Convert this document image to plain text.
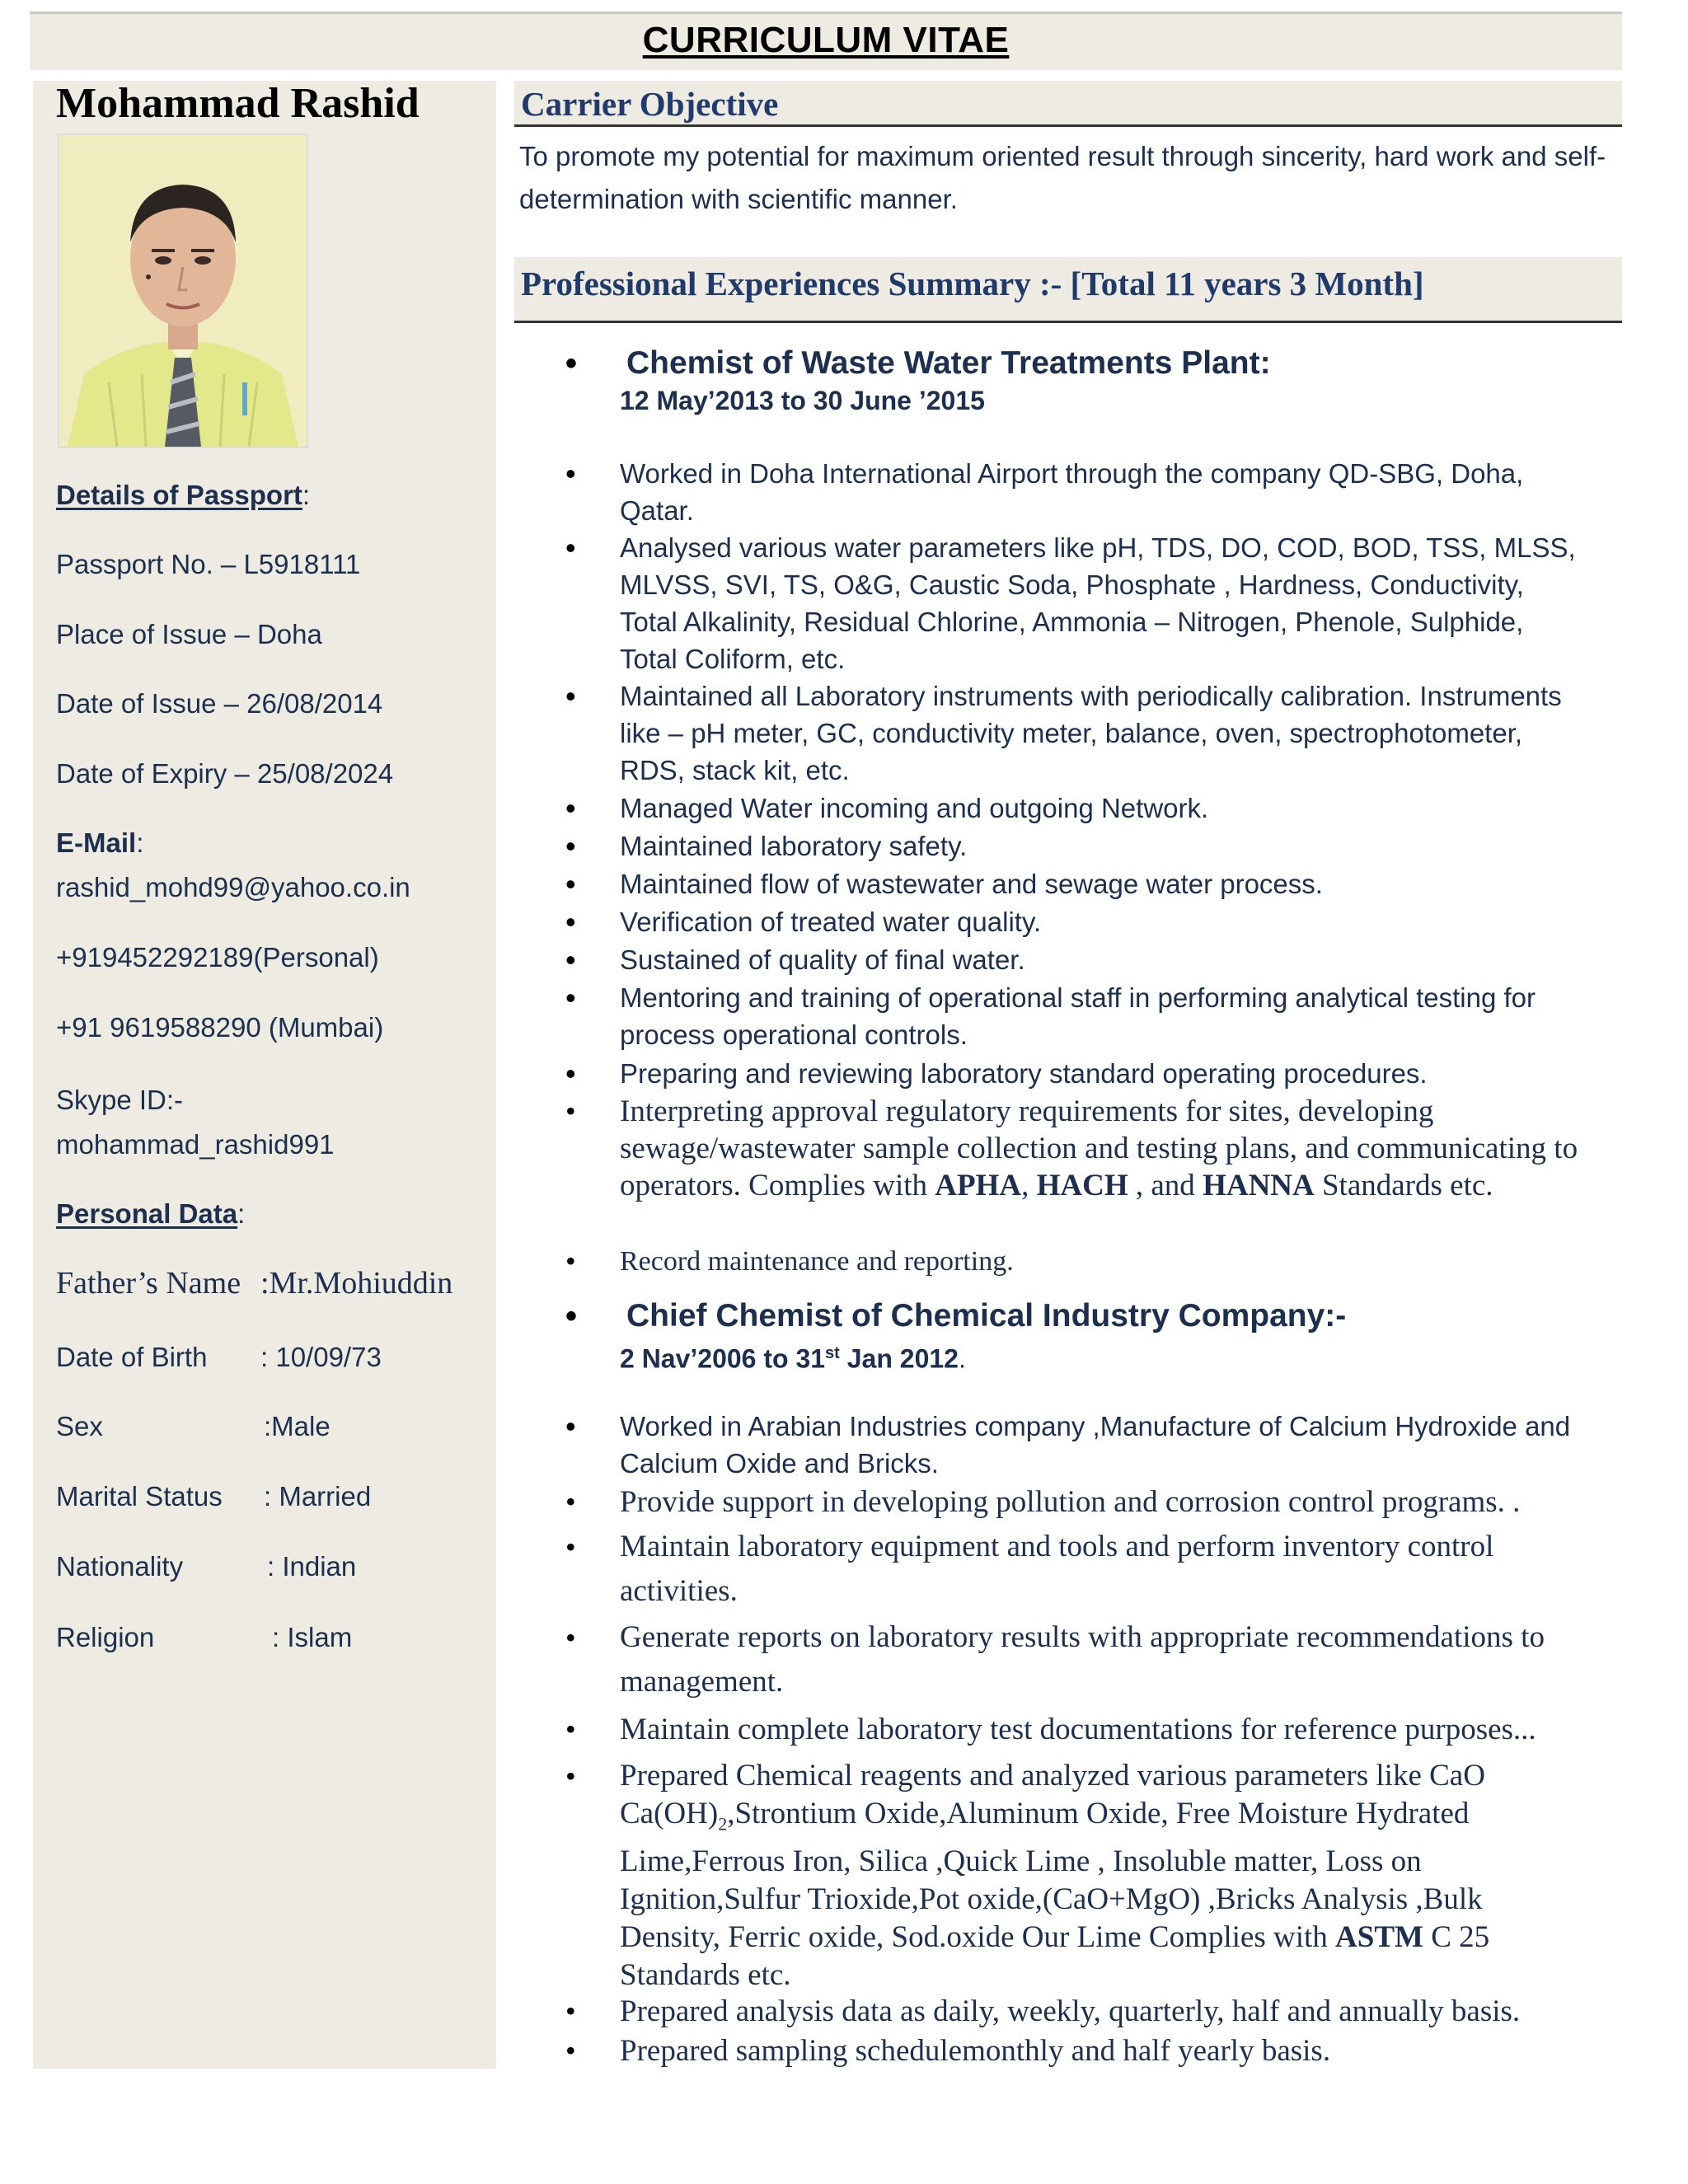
CURRICULUM VITAE
Mohammad Rashid
Details of Passport:
Passport No. – L5918111
Place of Issue – Doha
Date of Issue – 26/08/2014
Date of Expiry – 25/08/2024
E-Mail:
rashid_mohd99@yahoo.co.in
+919452292189(Personal)
+91 9619588290 (Mumbai)
Skype ID:-
mohammad_rashid991
Personal Data:
Father’s Name :Mr.Mohiuddin
Date of Birth : 10/09/73
Sex	:Male
Marital Status : Married
Nationality	: Indian
Religion	: Islam
Carrier Objective
To promote my potential for maximum oriented result through sincerity, hard work and self-determination with scientific manner.
Professional Experiences Summary :- [Total 11 years 3 Month]
• Chemist of Waste Water Treatments Plant:
12 May’2013 to 30 June ’2015
• Worked in Doha International Airport through the company QD-SBG, Doha, Qatar.
• Analysed various water parameters like pH, TDS, DO, COD, BOD, TSS, MLSS, MLVSS, SVI, TS, O&G, Caustic Soda, Phosphate , Hardness, Conductivity, Total Alkalinity, Residual Chlorine, Ammonia – Nitrogen, Phenole, Sulphide, Total Coliform, etc.
• Maintained all Laboratory instruments with periodically calibration. Instruments like – pH meter, GC, conductivity meter, balance, oven, spectrophotometer, RDS, stack kit, etc.
• Managed Water incoming and outgoing Network.
• Maintained laboratory safety.
• Maintained flow of wastewater and sewage water process.
• Verification of treated water quality.
• Sustained of quality of final water.
• Mentoring and training of operational staff in performing analytical testing for process operational controls.
• Preparing and reviewing laboratory standard operating procedures.
• Interpreting approval regulatory requirements for sites, developing sewage/wastewater sample collection and testing plans, and communicating to operators. Complies with APHA, HACH , and HANNA Standards etc.
• Record maintenance and reporting.
• Chief Chemist of Chemical Industry Company:-
2 Nav’2006 to 31st Jan 2012.
• Worked in Arabian Industries company ,Manufacture of Calcium Hydroxide and Calcium Oxide and Bricks.
• Provide support in developing pollution and corrosion control programs. .
• Maintain laboratory equipment and tools and perform inventory control activities.
• Generate reports on laboratory results with appropriate recommendations to management.
• Maintain complete laboratory test documentations for reference purposes...
• Prepared Chemical reagents and analyzed various parameters like CaO $Ca(OH)_2,Strontium$ Oxide,Aluminum Oxide, Free Moisture Hydrated Lime,Ferrous Iron, Silica ,Quick Lime , Insoluble matter, Loss on Ignition,Sulfur Trioxide,Pot oxide,(CaO+MgO) ,Bricks Analysis ,Bulk Density, Ferric oxide, Sod.oxide Our Lime Complies with ASTM C 25 Standards etc.
• Prepared analysis data as daily, weekly, quarterly, half and annually basis.
• Prepared sampling schedulemonthly and half yearly basis.
